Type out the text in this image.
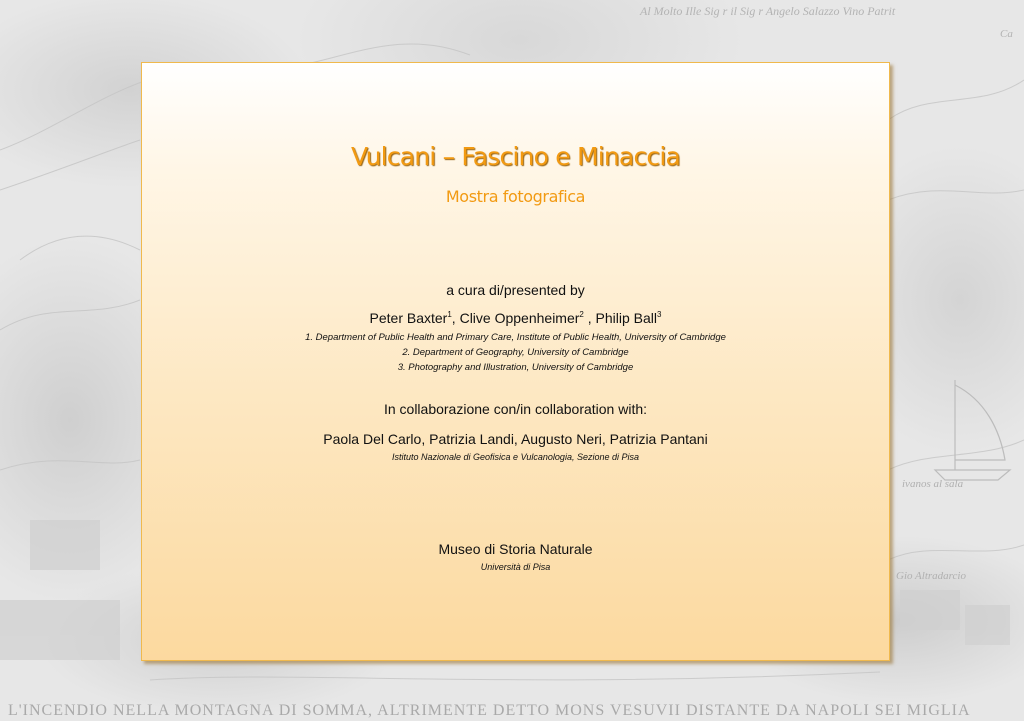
Al Molto Ille Sig r il Sig r Angelo Salazzo Vino Patrit
Ca
Gio Altradarcio
ivanos al sala
L'INCENDIO NELLA MONTAGNA DI SOMMA, ALTRIMENTE DETTO MONS VESUVII DISTANTE DA NAPOLI SEI MIGLIA
Vulcani – Fascino e Minaccia
Mostra fotografica
a cura di/presented by
Peter Baxter$^1$, Clive Oppenheimer$^2$ , Philip Ball$^3$
1. Department of Public Health and Primary Care, Institute of Public Health, University of Cambridge
2. Department of Geography, University of Cambridge
3. Photography and Illustration, University of Cambridge
In collaborazione con/in collaboration with:
Paola Del Carlo, Patrizia Landi, Augusto Neri, Patrizia Pantani
Istituto Nazionale di Geofisica e Vulcanologia, Sezione di Pisa
Museo di Storia Naturale
Università di Pisa
